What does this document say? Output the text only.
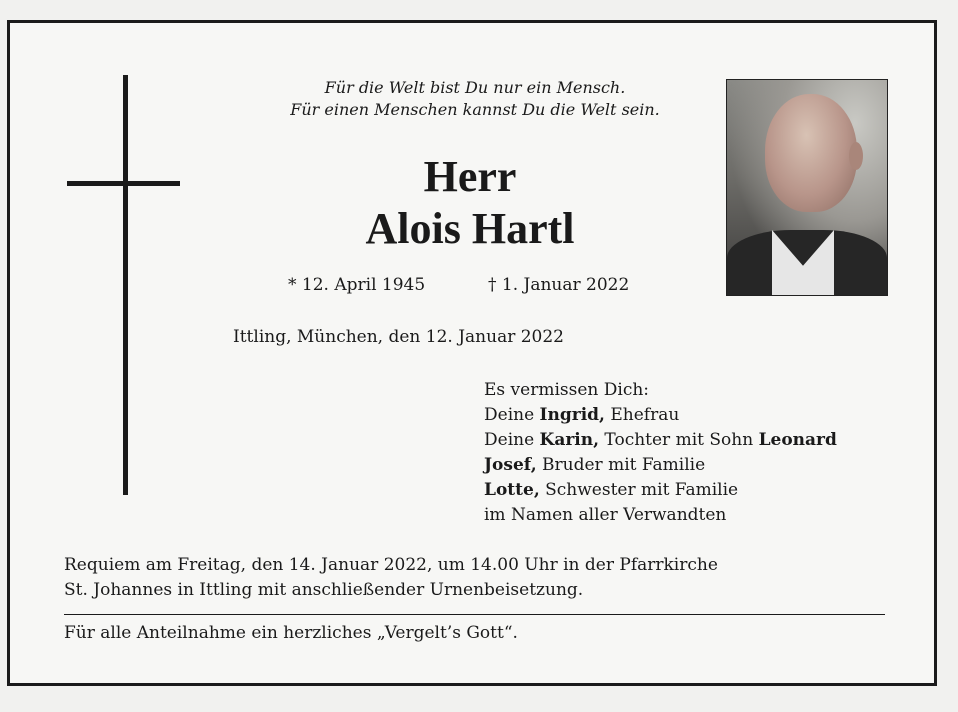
Für die Welt bist Du nur ein Mensch.
Für einen Menschen kannst Du die Welt sein.
Herr
Alois Hartl
* 12. April 1945	† 1. Januar 2022
Ittling, München, den 12. Januar 2022
Es vermissen Dich:
Deine Ingrid, Ehefrau
Deine Karin, Tochter mit Sohn Leonard
Josef, Bruder mit Familie
Lotte, Schwester mit Familie
im Namen aller Verwandten
Requiem am Freitag, den 14. Januar 2022, um 14.00 Uhr in der Pfarrkirche
St. Johannes in Ittling mit anschließender Urnenbeisetzung.
Für alle Anteilnahme ein herzliches „Vergelt’s Gott“.
